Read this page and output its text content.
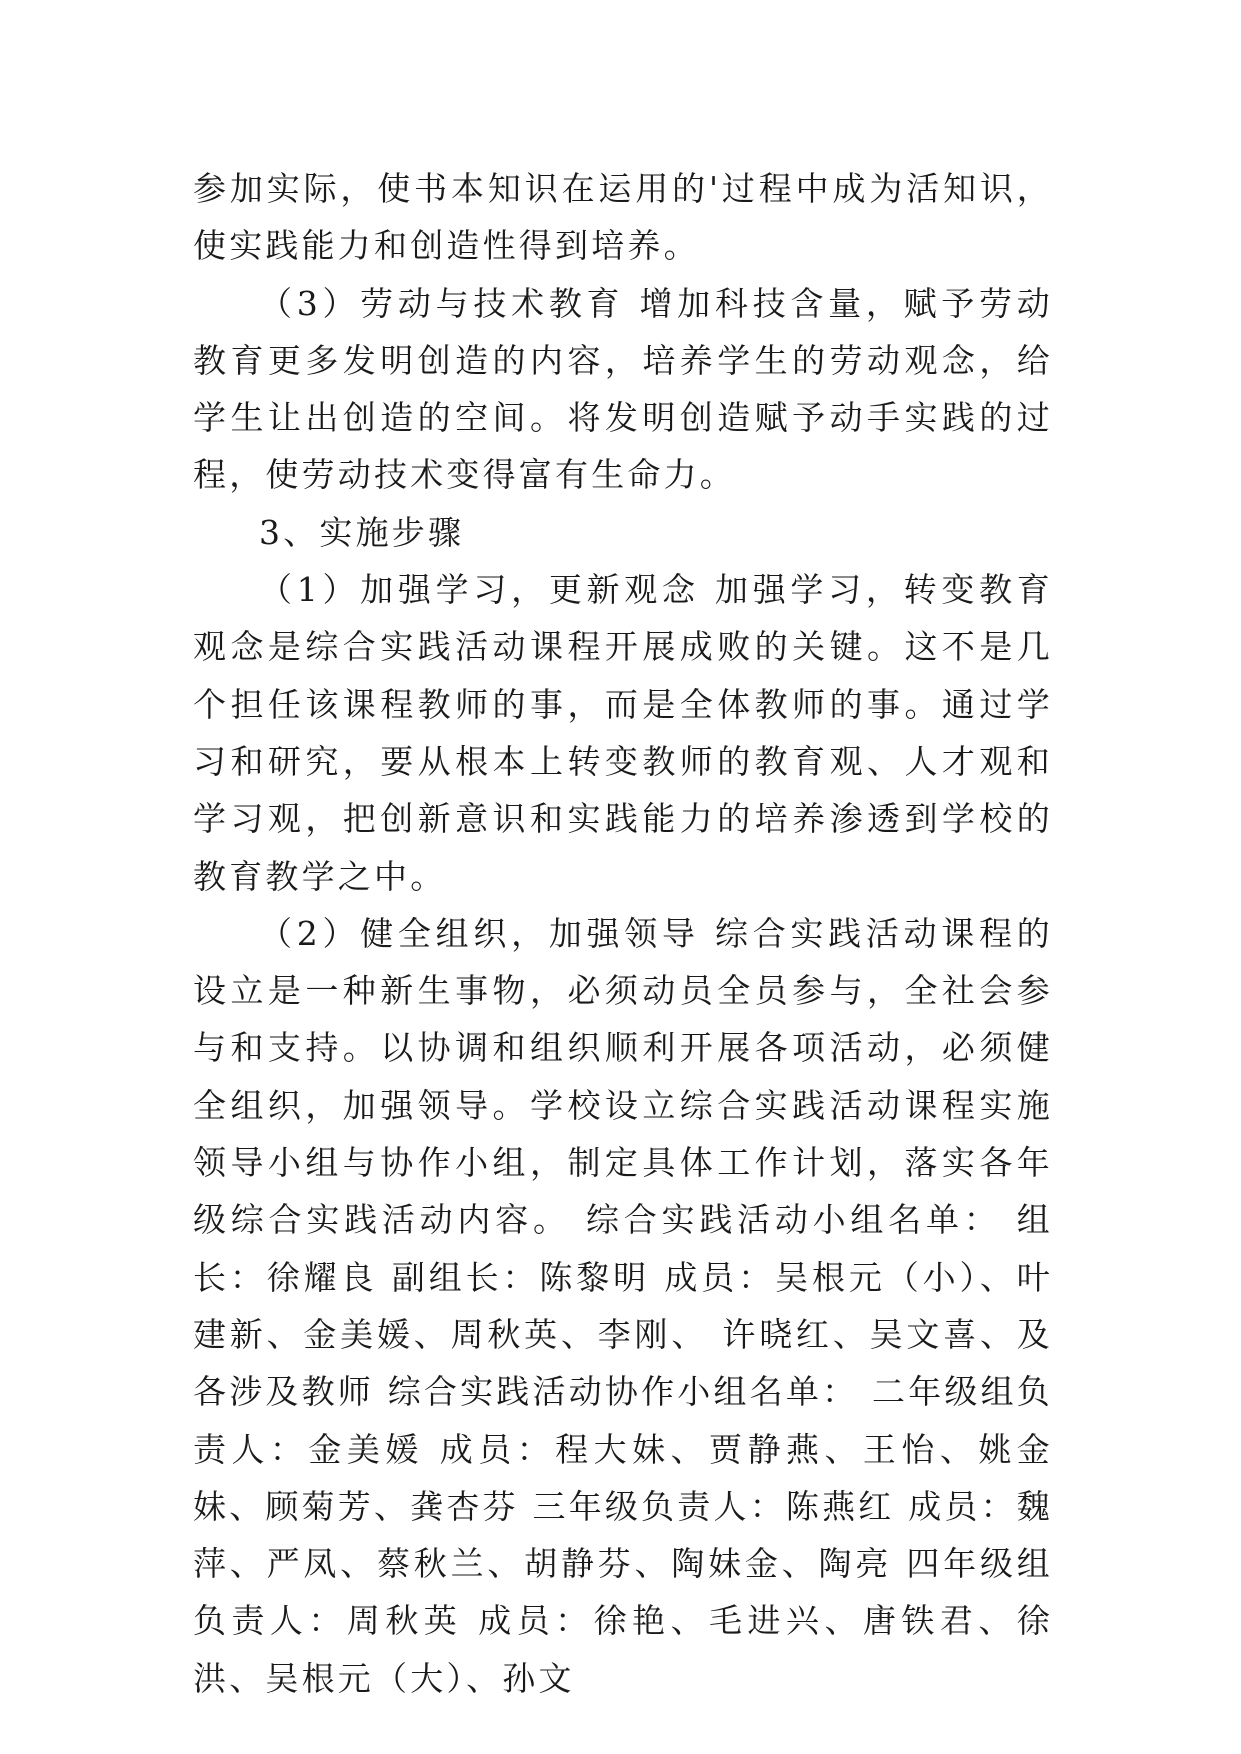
参加实际，使书本知识在运用的'过程中成为活知识，使实践能力和创造性得到培养。

（3）劳动与技术教育 增加科技含量，赋予劳动教育更多发明创造的内容，培养学生的劳动观念，给学生让出创造的空间。将发明创造赋予动手实践的过程，使劳动技术变得富有生命力。

3、实施步骤

（1）加强学习，更新观念 加强学习，转变教育观念是综合实践活动课程开展成败的关键。这不是几个担任该课程教师的事，而是全体教师的事。通过学习和研究，要从根本上转变教师的教育观、人才观和学习观，把创新意识和实践能力的培养渗透到学校的教育教学之中。

（2）健全组织，加强领导 综合实践活动课程的设立是一种新生事物，必须动员全员参与，全社会参与和支持。以协调和组织顺利开展各项活动，必须健全组织，加强领导。学校设立综合实践活动课程实施领导小组与协作小组，制定具体工作计划，落实各年级综合实践活动内容。 综合实践活动小组名单： 组长：徐耀良 副组长：陈黎明 成员：吴根元（小）、叶建新、金美媛、周秋英、李刚、 许晓红、吴文喜、及各涉及教师 综合实践活动协作小组名单： 二年级组负责人：金美媛 成员：程大妹、贾静燕、王怡、姚金妹、顾菊芳、龚杏芬 三年级负责人：陈燕红 成员：魏萍、严凤、蔡秋兰、胡静芬、陶妹金、陶亮 四年级组负责人：周秋英 成员：徐艳、毛进兴、唐铁君、徐洪、吴根元（大）、孙文
